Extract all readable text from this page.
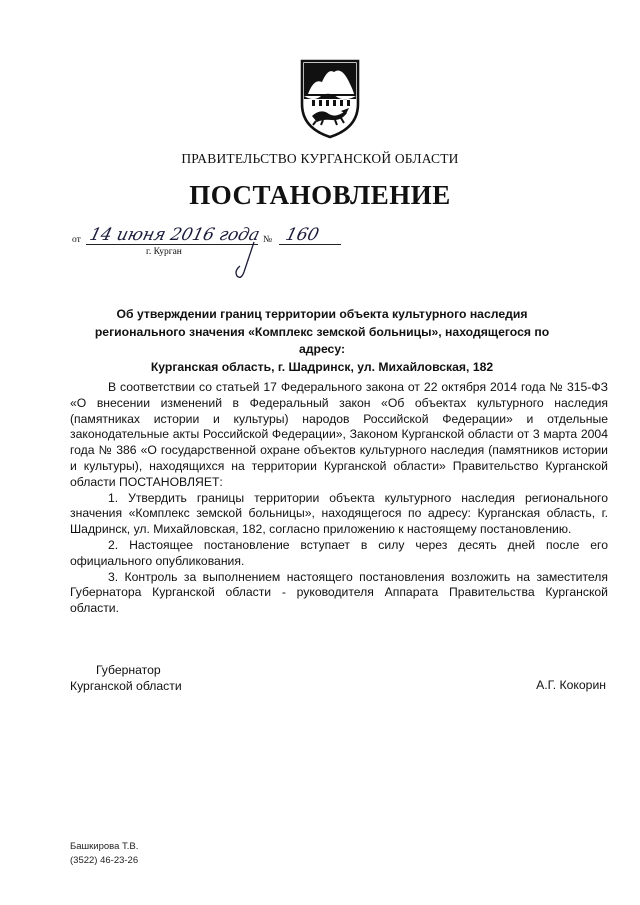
ПРАВИТЕЛЬСТВО КУРГАНСКОЙ ОБЛАСТИ
ПОСТАНОВЛЕНИЕ
от 14 июня 2016 года № 160
г. Курган
Об утверждении границ территории объекта культурного наследия
регионального значения «Комплекс земской больницы», находящегося по адресу:
Курганская область, г. Шадринск, ул. Михайловская, 182

В соответствии со статьей 17 Федерального закона от 22 октября 2014 года № 315-ФЗ «О внесении изменений в Федеральный закон «Об объектах культурного наследия (памятниках истории и культуры) народов Российской Федерации» и отдельные законодательные акты Российской Федерации», Законом Курганской области от 3 марта 2004 года № 386 «О государственной охране объектов культурного наследия (памятников истории и культуры), находящихся на территории Курганской области» Правительство Курганской области ПОСТАНОВЛЯЕТ:

1. Утвердить границы территории объекта культурного наследия регионального значения «Комплекс земской больницы», находящегося по адресу: Курганская область, г. Шадринск, ул. Михайловская, 182, согласно приложению к настоящему постановлению.

2. Настоящее постановление вступает в силу через десять дней после его официального опубликования.

3. Контроль за выполнением настоящего постановления возложить на заместителя Губернатора Курганской области - руководителя Аппарата Правительства Курганской области.

Губернатор
Курганской области	А.Г. Кокорин
Башкирова Т.В.
(3522) 46-23-26
